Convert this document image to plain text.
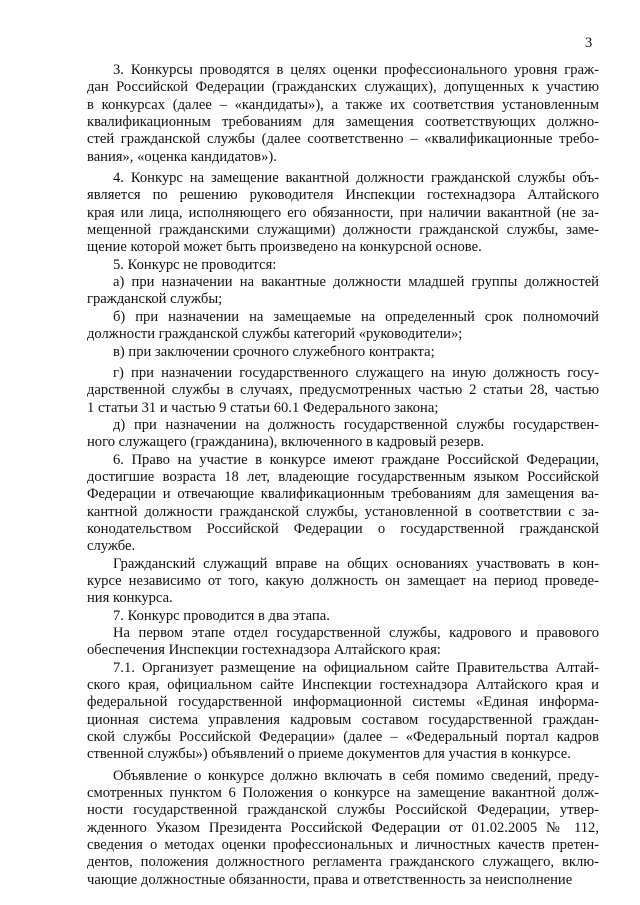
3
3. Конкурсы проводятся в целях оценки профессионального уровня граж-
дан Российской Федерации (гражданских служащих), допущенных к участию
в конкурсах (далее – «кандидаты»), а также их соответствия установленным
квалификационным требованиям для замещения соответствующих должно-
стей гражданской службы (далее соответственно – «квалификационные требо-
вания», «оценка кандидатов»).
4. Конкурс на замещение вакантной должности гражданской службы объ-
является по решению руководителя Инспекции гостехнадзора Алтайского
края или лица, исполняющего его обязанности, при наличии вакантной (не за-
мещенной гражданскими служащими) должности гражданской службы, заме-
щение которой может быть произведено на конкурсной основе.
5. Конкурс не проводится:
а) при назначении на вакантные должности младшей группы должностей
гражданской службы;
б) при назначении на замещаемые на определенный срок полномочий
должности гражданской службы категорий «руководители»;
в) при заключении срочного служебного контракта;
г) при назначении государственного служащего на иную должность госу-
дарственной службы в случаях, предусмотренных частью 2 статьи 28, частью
1 статьи 31 и частью 9 статьи 60.1 Федерального закона;
д) при назначении на должность государственной службы государствен-
ного служащего (гражданина), включенного в кадровый резерв.
6. Право на участие в конкурсе имеют граждане Российской Федерации,
достигшие возраста 18 лет, владеющие государственным языком Российской
Федерации и отвечающие квалификационным требованиям для замещения ва-
кантной должности гражданской службы, установленной в соответствии с за-
конодательством Российской Федерации о государственной гражданской
службе.
Гражданский служащий вправе на общих основаниях участвовать в кон-
курсе независимо от того, какую должность он замещает на период проведе-
ния конкурса.
7. Конкурс проводится в два этапа.
На первом этапе отдел государственной службы, кадрового и правового
обеспечения Инспекции гостехнадзора Алтайского края:
7.1. Организует размещение на официальном сайте Правительства Алтай-
ского края, официальном сайте Инспекции гостехнадзора Алтайского края и
федеральной государственной информационной системы «Единая информа-
ционная система управления кадровым составом государственной граждан-
ской службы Российской Федерации» (далее – «Федеральный портал кадров
ственной службы») объявлений о приеме документов для участия в конкурсе.
Объявление о конкурсе должно включать в себя помимо сведений, преду-
смотренных пунктом 6 Положения о конкурсе на замещение вакантной долж-
ности государственной гражданской службы Российской Федерации, утвер-
жденного Указом Президента Российской Федерации от 01.02.2005 № 112,
сведения о методах оценки профессиональных и личностных качеств претен-
дентов, положения должностного регламента гражданского служащего, вклю-
чающие должностные обязанности, права и ответственность за неисполнение
